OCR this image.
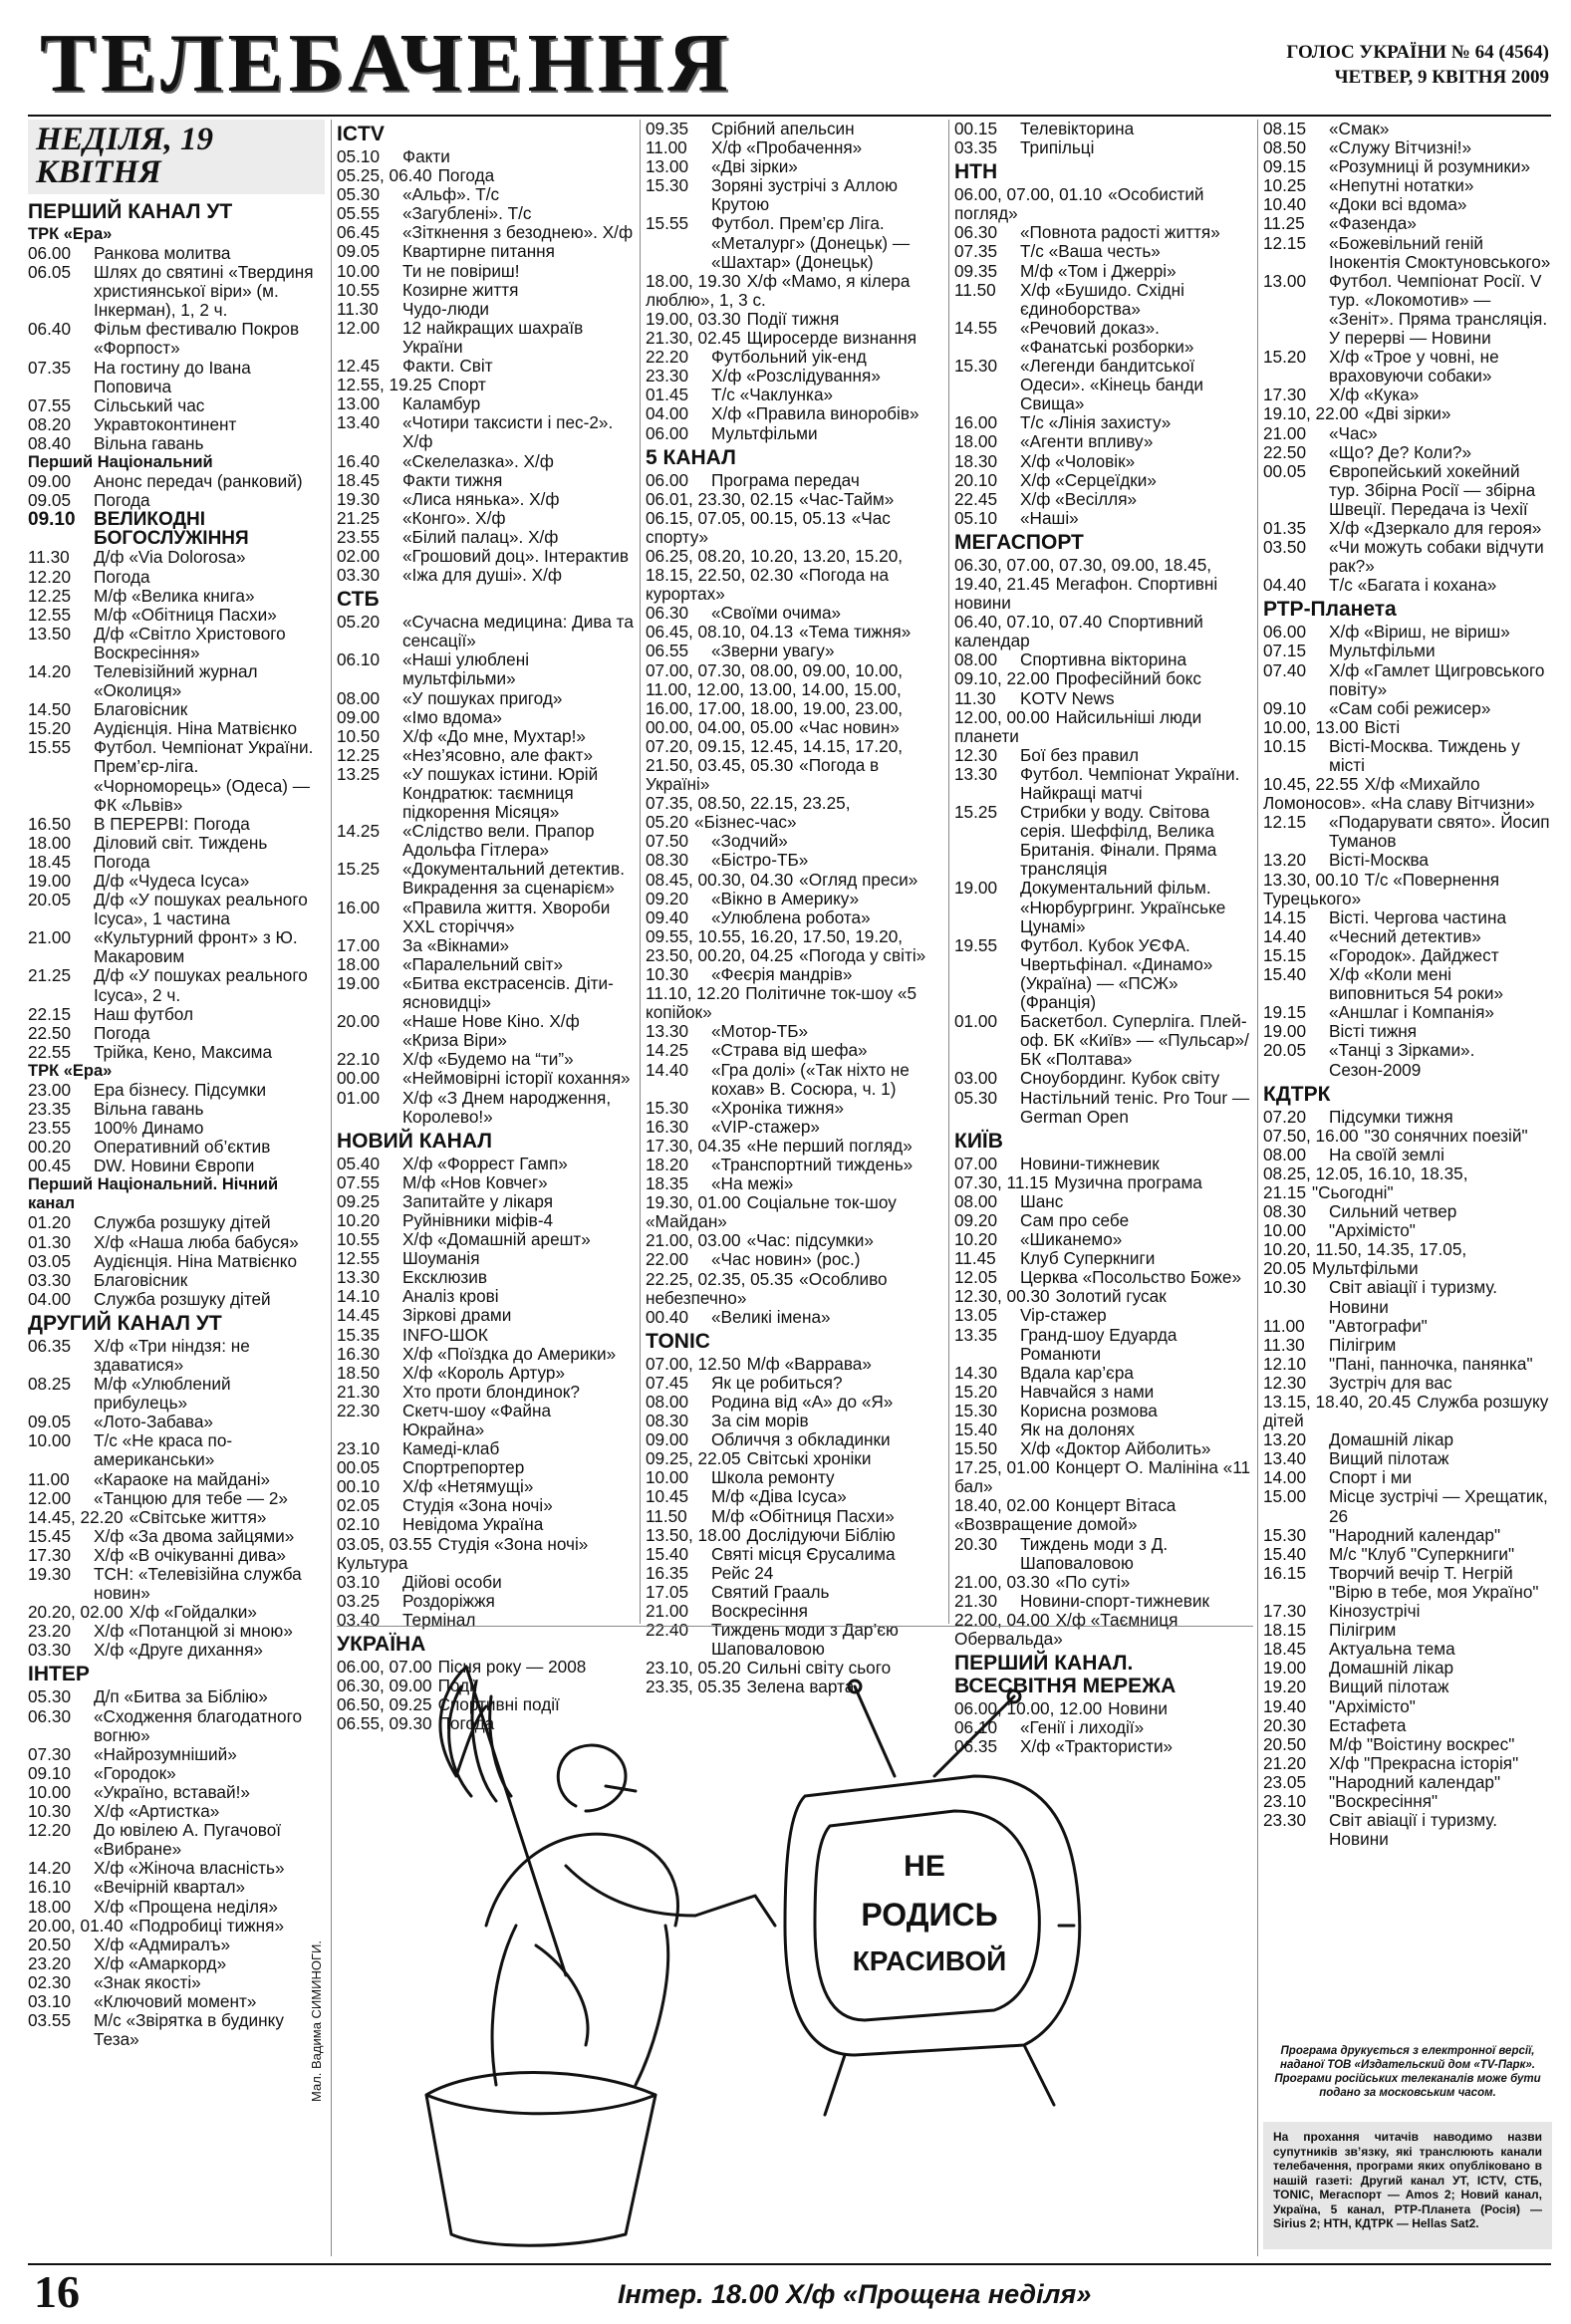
ТЕЛЕБАЧЕННЯ	ГОЛОС УКРАЇНИ № 64 (4564)
ЧЕТВЕР, 9 КВІТНЯ 2009
НЕДІЛЯ, 19 КВІТНЯ
ПЕРШИЙ КАНАЛ УТ
ТРК «Ера»
06.00	Ранкова молитва
06.05	Шлях до святині «Твердиня християнської віри» (м. Інкерман), 1, 2 ч.
06.40	Фільм фестивалю Покров «Форпост»
07.35	На гостину до Івана Поповича
07.55	Сільський час
08.20	Укравтоконтинент
08.40	Вільна гавань
Перший Національний
09.00	Анонс передач (ранковий)
09.05	Погода
09.10 ВЕЛИКОДНІ БОГОСЛУЖІННЯ
11.30	Д/ф «Via Dolorosa»
12.20	Погода
12.25	М/ф «Велика книга»
12.55	М/ф «Обітниця Пасхи»
13.50	Д/ф «Світло Христового Воскресіння»
14.20	Телевізійний журнал «Околиця»
14.50	Благовісник
15.20	Аудієнція. Ніна Матвієнко
15.55	Футбол. Чемпіонат України. Прем’єр-ліга. «Чорноморець» (Одеса) — ФК «Львів»
16.50	В ПЕРЕРВІ: Погода
18.00	Діловий світ. Тиждень
18.45	Погода
19.00	Д/ф «Чудеса Ісуса»
20.05	Д/ф «У пошуках реального Ісуса», 1 частина
21.00	«Культурний фронт» з Ю. Макаровим
21.25	Д/ф «У пошуках реального Ісуса», 2 ч.
22.15	Наш футбол
22.50	Погода
22.55	Трійка, Кено, Максима
ТРК «Ера»
23.00	Ера бізнесу. Підсумки
23.35	Вільна гавань
23.55	100% Динамо
00.20	Оперативний об’єктив
00.45	DW. Новини Європи
Перший Національний. Нічний канал
01.20	Служба розшуку дітей
01.30	Х/ф «Наша люба бабуся»
03.05	Аудієнція. Ніна Матвієнко
03.30	Благовісник
04.00	Служба розшуку дітей
ДРУГИЙ КАНАЛ УТ
06.35	Х/ф «Три ніндзя: не здаватися»
08.25	М/ф «Улюблений прибулець»
09.05	«Лото-Забава»
10.00	Т/с «Не краса по-американськи»
11.00	«Караоке на майдані»
12.00	«Танцюю для тебе — 2»
14.45, 22.20 «Світське життя»
15.45	Х/ф «За двома зайцями»
17.30	Х/ф «В очікуванні дива»
19.30	ТСН: «Телевізійна служба новин»
20.20, 02.00 Х/ф «Гойдалки»
23.20	Х/ф «Потанцюй зі мною»
03.30	Х/ф «Друге дихання»
ІНТЕР
05.30	Д/п «Битва за Біблію»
06.30	«Сходження благодатного вогню»
07.30	«Найрозумніший»
09.10	«Городок»
10.00	«Україно, вставай!»
10.30	Х/ф «Артистка»
12.20	До ювілею А. Пугачової «Вибране»
14.20	Х/ф «Жіноча власність»
16.10	«Вечірній квартал»
18.00	Х/ф «Прощена неділя»
20.00, 01.40 «Подробиці тижня»
20.50	Х/ф «Адмиралъ»
23.20	Х/ф «Амаркорд»
02.30	«Знак якості»
03.10	«Ключовий момент»
03.55	М/с «Звірятка в будинку Теза»
ICTV
05.10	Факти
05.25, 06.40 Погода
05.30	«Альф». Т/с
05.55	«Загублені». Т/с
06.45	«Зіткнення з безоднею». Х/ф
09.05	Квартирне питання
10.00	Ти не повіриш!
10.55	Козирне життя
11.30	Чудо-люди
12.00	12 найкращих шахраїв України
12.45	Факти. Світ
12.55, 19.25 Спорт
13.00	Каламбур
13.40	«Чотири таксисти і пес-2». Х/ф
16.40	«Скелелазка». Х/ф
18.45	Факти тижня
19.30	«Лиса нянька». Х/ф
21.25	«Конго». Х/ф
23.55	«Білий палац». Х/ф
02.00	«Грошовий доц». Інтерактив
03.30	«Іжа для душі». Х/ф
СТБ
05.20	«Сучасна медицина: Дива та сенсації»
06.10	«Наші улюблені мультфільми»
08.00	«У пошуках пригод»
09.00	«Імо вдома»
10.50	Х/ф «До мне, Мухтар!»
12.25	«Нез’ясовно, але факт»
13.25	«У пошуках істини. Юрій Кондратюк: таємниця підкорення Місяця»
14.25	«Слідство вели. Прапор Адольфа Гітлера»
15.25	«Документальний детектив. Викрадення за сценарієм»
16.00	«Правила життя. Хвороби XXL сторіччя»
17.00	За «Вікнами»
18.00	«Паралельний світ»
19.00	«Битва екстрасенсів. Діти-ясновидці»
20.00	«Наше Нове Кіно. Х/ф «Криза Віри»
22.10	Х/ф «Будемо на “ти”»
00.00	«Неймовірні історії кохання»
01.00	Х/ф «З Днем народження, Королево!»
НОВИЙ КАНАЛ
05.40	Х/ф «Форрест Гамп»
07.55	М/ф «Нов Ковчег»
09.25	Запитайте у лікаря
10.20	Руйнівники міфів-4
10.55	Х/ф «Домашній арешт»
12.55	Шоуманія
13.30	Ексклюзив
14.10	Аналіз крові
14.45	Зіркові драми
15.35	INFO-ШОК
16.30	Х/ф «Поїздка до Америки»
18.50	Х/ф «Король Артур»
21.30	Хто проти блондинок?
22.30	Скетч-шоу «Файна Юкрайна»
23.10	Камеді-клаб
00.05	Спортрепортер
00.10	Х/ф «Нетямущі»
02.05	Студія «Зона ночі»
02.10	Невідома Україна
03.05, 03.55 Студія «Зона ночі» Культура
03.10	Дійові особи
03.25	Роздоріжжя
03.40	Термінал
УКРАЇНА
06.00, 07.00 Пісня року — 2008
06.30, 09.00 Події
06.50, 09.25 Спортивні події
06.55, 09.30 Погода
09.35	Срібний апельсин
11.00	Х/ф «Пробачення»
13.00	«Дві зірки»
15.30	Зоряні зустрічі з Аллою Крутою
15.55	Футбол. Прем’єр Ліга. «Металург» (Донецьк) — «Шахтар» (Донецьк)
18.00, 19.30 Х/ф «Мамо, я кілера люблю», 1, 3 с.
19.00, 03.30 Події тижня
21.30, 02.45 Щиросерде визнання
22.20	Футбольний уік-енд
23.30	Х/ф «Розслідування»
01.45	Т/с «Чаклунка»
04.00	Х/ф «Правила виноробів»
06.00	Мультфільми
5 КАНАЛ
06.00	Програма передач
06.01, 23.30, 02.15 «Час-Тайм»
06.15, 07.05, 00.15, 05.13 «Час спорту»
06.25, 08.20, 10.20, 13.20, 15.20, 18.15, 22.50, 02.30 «Погода на курортах»
06.30	«Своїми очима»
06.45, 08.10, 04.13 «Тема тижня»
06.55	«Зверни увагу»
07.00, 07.30, 08.00, 09.00, 10.00, 11.00, 12.00, 13.00, 14.00, 15.00, 16.00, 17.00, 18.00, 19.00, 23.00, 00.00, 04.00, 05.00 «Час новин»
07.20, 09.15, 12.45, 14.15, 17.20, 21.50, 03.45, 05.30 «Погода в Україні»
07.35, 08.50, 22.15, 23.25, 05.20 «Бізнес-час»
07.50	«Зодчий»
08.30	«Бістро-ТБ»
08.45, 00.30, 04.30 «Огляд преси»
09.20	«Вікно в Америку»
09.40	«Улюблена робота»
09.55, 10.55, 16.20, 17.50, 19.20, 23.50, 00.20, 04.25 «Погода у світі»
10.30	«Феєрія мандрів»
11.10, 12.20 Політичне ток-шоу «5 копійок»
13.30	«Мотор-ТБ»
14.25	«Страва від шефа»
14.40	«Гра долі» («Так ніхто не кохав» В. Сосюра, ч. 1)
15.30	«Хроніка тижня»
16.30	«VIP-стажер»
17.30, 04.35 «Не перший погляд»
18.20	«Транспортний тиждень»
18.35	«На межі»
19.30, 01.00 Соціальне ток-шоу «Майдан»
21.00, 03.00 «Час: підсумки»
22.00	«Час новин» (рос.)
22.25, 02.35, 05.35 «Особливо небезпечно»
00.40	«Великі імена»
TONIC
07.00, 12.50 М/ф «Варрава»
07.45	Як це робиться?
08.00	Родина від «А» до «Я»
08.30	За сім морів
09.00	Обличчя з обкладинки
09.25, 22.05 Світські хроніки
10.00	Школа ремонту
10.45	М/ф «Діва Ісуса»
11.50	М/ф «Обітниця Пасхи»
13.50, 18.00 Дослідуючи Біблію
15.40	Святі місця Єрусалима
16.35	Рейс 24
17.05	Святий Грааль
21.00	Воскресіння
22.40	Тиждень моди з Дар’єю Шаповаловою
23.10, 05.20 Сильні світу сього
23.35, 05.35 Зелена варта
00.15	Телевікторина
03.35	Трипільці
НТН
06.00, 07.00, 01.10 «Особистий погляд»
06.30	«Повнота радості життя»
07.35	Т/с «Ваша честь»
09.35	М/ф «Том і Джеррі»
11.50	Х/ф «Бушидо. Східні єдиноборства»
14.55	«Речовий доказ». «Фанатські розборки»
15.30	«Легенди бандитської Одеси». «Кінець банди Свища»
16.00	Т/с «Лінія захисту»
18.00	«Агенти впливу»
18.30	Х/ф «Чоловік»
20.10	Х/ф «Серцеїдки»
22.45	Х/ф «Весілля»
05.10	«Наші»
МЕГАСПОРТ
06.30, 07.00, 07.30, 09.00, 18.45, 19.40, 21.45 Мегафон. Спортивні новини
06.40, 07.10, 07.40 Спортивний календар
08.00	Спортивна вікторина
09.10, 22.00 Професійний бокс
11.30	KOTV News
12.00, 00.00 Найсильніші люди планети
12.30	Бої без правил
13.30	Футбол. Чемпіонат України. Найкращі матчі
15.25	Стрибки у воду. Світова серія. Шеффілд, Велика Британія. Фінали. Пряма трансляція
19.00	Документальний фільм. «Нюрбургринг. Українське Цунамі»
19.55	Футбол. Кубок УЄФА. Чвертьфінал. «Динамо» (Україна) — «ПСЖ» (Франція)
01.00	Баскетбол. Суперліга. Плей-оф. БК «Київ» — «Пульсар»/БК «Полтава»
03.00	Сноубординг. Кубок світу
05.30	Настільний теніс. Pro Tour — German Open
КИЇВ
07.00	Новини-тижневик
07.30, 11.15 Музична програма
08.00	Шанс
09.20	Сам про себе
10.20	«Шиканемо»
11.45	Клуб Суперкниги
12.05	Церква «Посольство Боже»
12.30, 00.30 Золотий гусак
13.05	Vip-стажер
13.35	Гранд-шоу Едуарда Романюти
14.30	Вдала кар’єра
15.20	Навчайся з нами
15.30	Корисна розмова
15.40	Як на долонях
15.50	Х/ф «Доктор Айболить»
17.25, 01.00 Концерт О. Малініна «11 бал»
18.40, 02.00 Концерт Вітаса «Возвращение домой»
20.30	Тиждень моди з Д. Шаповаловою
21.00, 03.30 «По суті»
21.30	Новини-спорт-тижневик
22.00, 04.00 Х/ф «Таємниця Обервальда»
ПЕРШИЙ КАНАЛ. ВСЕСВІТНЯ МЕРЕЖА
06.00, 10.00, 12.00 Новини
06.10	«Генії і лиходії»
06.35	Х/ф «Трактористи»
08.15	«Смак»
08.50	«Служу Вітчизні!»
09.15	«Розумниці й розумники»
10.25	«Непутні нотатки»
10.40	«Доки всі вдома»
11.25	«Фазенда»
12.15	«Божевільний геній Інокентія Смоктуновського»
13.00	Футбол. Чемпіонат Росії. V тур. «Локомотив» — «Зеніт». Пряма трансляція. У перерві — Новини
15.20	Х/ф «Трое у човні, не враховуючи собаки»
17.30	Х/ф «Кука»
19.10, 22.00 «Дві зірки»
21.00	«Час»
22.50	«Що? Де? Коли?»
00.05	Європейський хокейний тур. Збірна Росії — збірна Швеції. Передача із Чехії
01.35	Х/ф «Дзеркало для героя»
03.50	«Чи можуть собаки відчути рак?»
04.40	Т/с «Багата і кохана»
РТР-Планета
06.00	Х/ф «Віриш, не віриш»
07.15	Мультфільми
07.40	Х/ф «Гамлет Щигровського повіту»
09.10	«Сам собі режисер»
10.00, 13.00 Вісті
10.15	Вісті-Москва. Тиждень у місті
10.45, 22.55 Х/ф «Михайло Ломоносов». «На славу Вітчизни»
12.15	«Подарувати свято». Йосип Туманов
13.20	Вісті-Москва
13.30, 00.10 Т/с «Повернення Турецького»
14.15	Вісті. Чергова частина
14.40	«Чесний детектив»
15.15	«Городок». Дайджест
15.40	Х/ф «Коли мені виповниться 54 роки»
19.15	«Аншлаг і Компанія»
19.00	Вісті тижня
20.05	«Танці з Зірками». Сезон-2009
КДТРК
07.20	Підсумки тижня
07.50, 16.00 "30 сонячних поезій"
08.00	На своїй землі
08.25, 12.05, 16.10, 18.35, 21.15 "Сьогодні"
08.30	Сильний четвер
10.00	"Архімісто"
10.20, 11.50, 14.35, 17.05, 20.05 Мультфільми
10.30	Світ авіації і туризму. Новини
11.00	"Автографи"
11.30	Пілігрим
12.10	"Пані, панночка, панянка"
12.30	Зустріч для вас
13.15, 18.40, 20.45 Служба розшуку дітей
13.20	Домашній лікар
13.40	Вищий пілотаж
14.00	Спорт і ми
15.00	Місце зустрічі — Хрещатик, 26
15.30	"Народний календар"
15.40	М/с "Клуб "Суперкниги"
16.15	Творчий вечір Т. Негрій "Вірю в тебе, моя Україно"
17.30	Кінозустрічі
18.15	Пілігрим
18.45	Актуальна тема
19.00	Домашній лікар
19.20	Вищий пілотаж
19.40	"Архімісто"
20.30	Естафета
20.50	М/ф "Воістину воскрес"
21.20	Х/ф "Прекрасна історія"
23.05	"Народний календар"
23.10	"Воскресіння"
23.30	Світ авіації і туризму. Новини
НЕ
РОДИСЬ
КРАСИВОЙ
Мал. Вадима СИМИНОГИ.	Програма друкується з електронної версії, наданої ТОВ «Издательский дом «TV-Парк». Програми російських телеканалів може бути подано за московським часом.
На прохання читачів наводимо назви супутників зв’язку, які транслюють канали телебачення, програми яких опубліковано в нашій газеті: Другий канал УТ, ICTV, СТБ, TONIC, Мегаспорт — Amos 2; Новий канал, Україна, 5 канал, РТР-Планета (Росія) — Sirius 2; НТН, КДТРК — Hellas Sat2.
16	Інтер. 18.00 Х/ф «Прощена неділя»
